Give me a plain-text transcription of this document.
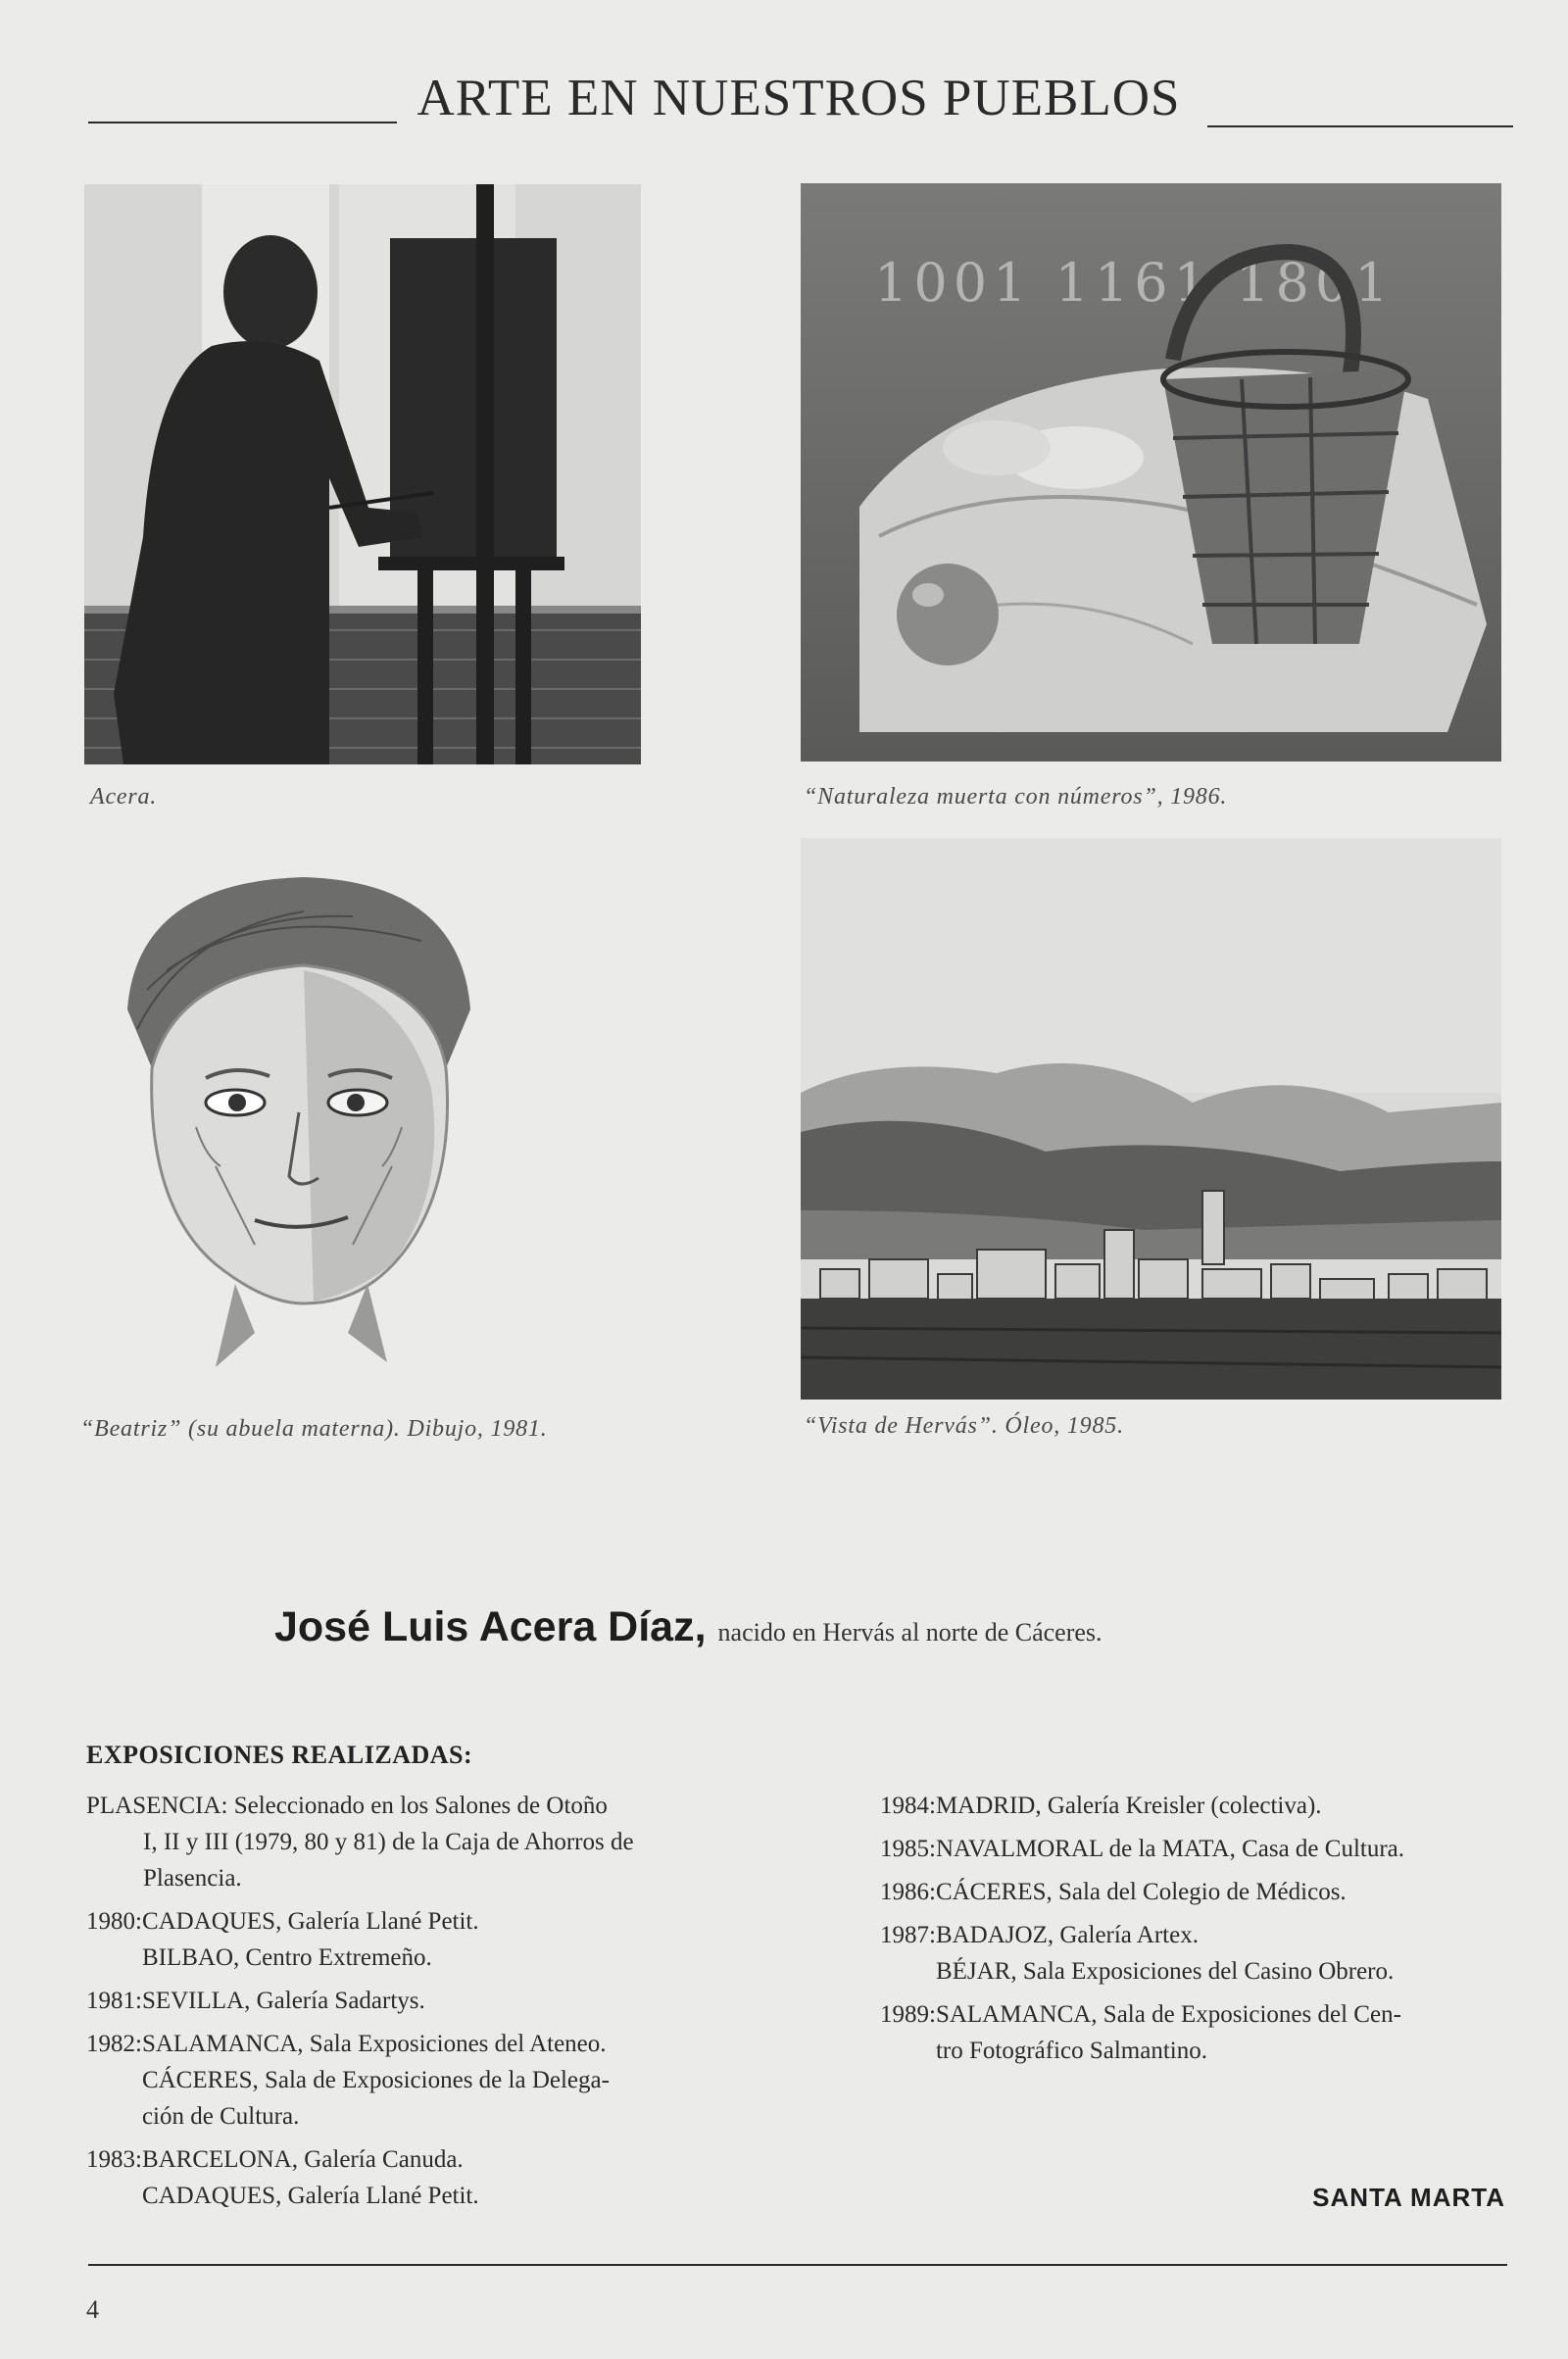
ARTE EN NUESTROS PUEBLOS
Acera.
1001 1161 1801
“Naturaleza muerta con números”, 1986.
“Beatriz” (su abuela materna). Dibujo, 1981.	“Vista de Hervás”. Óleo, 1985.
José Luis Acera Díaz, nacido en Hervás al norte de Cáceres.
EXPOSICIONES REALIZADAS:
PLASENCIA: Seleccionado en los Salones de Otoño
I, II y III (1979, 80 y 81) de la Caja de Ahorros de
Plasencia.
1980: CADAQUES, Galería Llané Petit.
BILBAO, Centro Extremeño.
1981: SEVILLA, Galería Sadartys.
1982: SALAMANCA, Sala Exposiciones del Ateneo.
CÁCERES, Sala de Exposiciones de la Delega-
ción de Cultura.
1983: BARCELONA, Galería Canuda.
CADAQUES, Galería Llané Petit.
1984: MADRID, Galería Kreisler (colectiva).
1985: NAVALMORAL de la MATA, Casa de Cultura.
1986: CÁCERES, Sala del Colegio de Médicos.
1987: BADAJOZ, Galería Artex.
BÉJAR, Sala Exposiciones del Casino Obrero.
1989: SALAMANCA, Sala de Exposiciones del Cen-
tro Fotográfico Salmantino.
SANTA MARTA
4
